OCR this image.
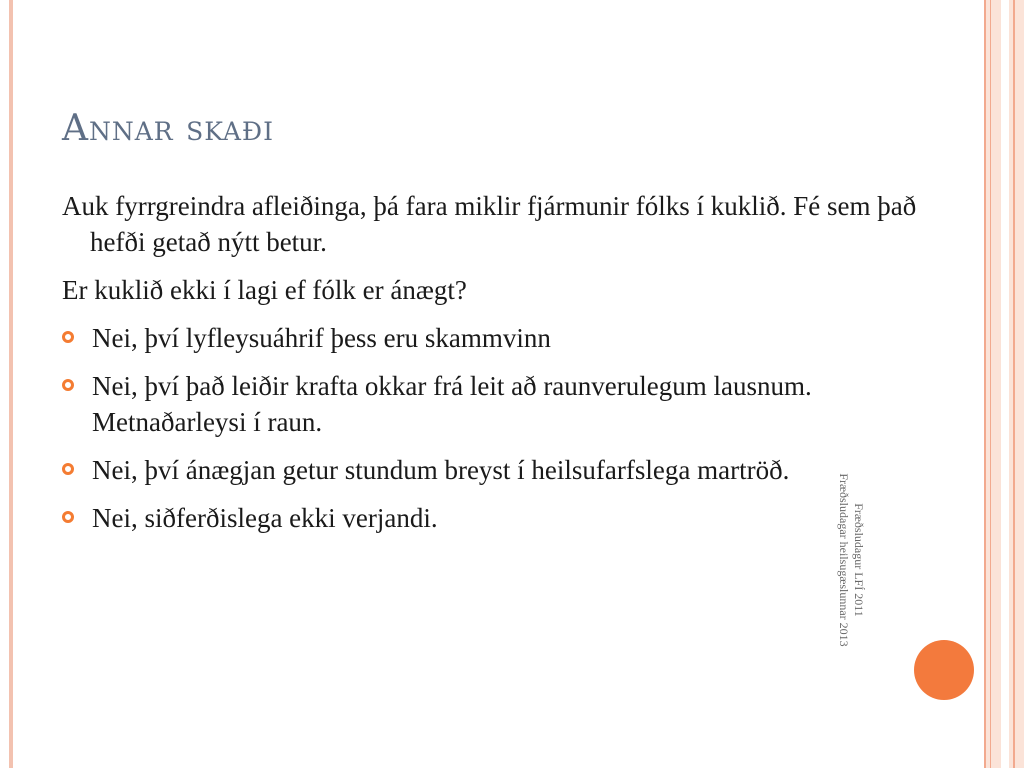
Annar skaði

Auk fyrrgreindra afleiðinga, þá fara miklir fjármunir fólks í kuklið. Fé sem það hefði getað nýtt betur.

Er kuklið ekki í lagi ef fólk er ánægt?

Nei, því lyfleysuáhrif þess eru skammvinn
Nei, því það leiðir krafta okkar frá leit að raunverulegum lausnum. Metnaðarleysi í raun.
Nei, því ánægjan getur stundum breyst í heilsufarfslega martröð.
Nei, siðferðislega ekki verjandi.	Fræðsludagur LFÍ 2011
Fræðsludagar heilsugæslunnar 2013
